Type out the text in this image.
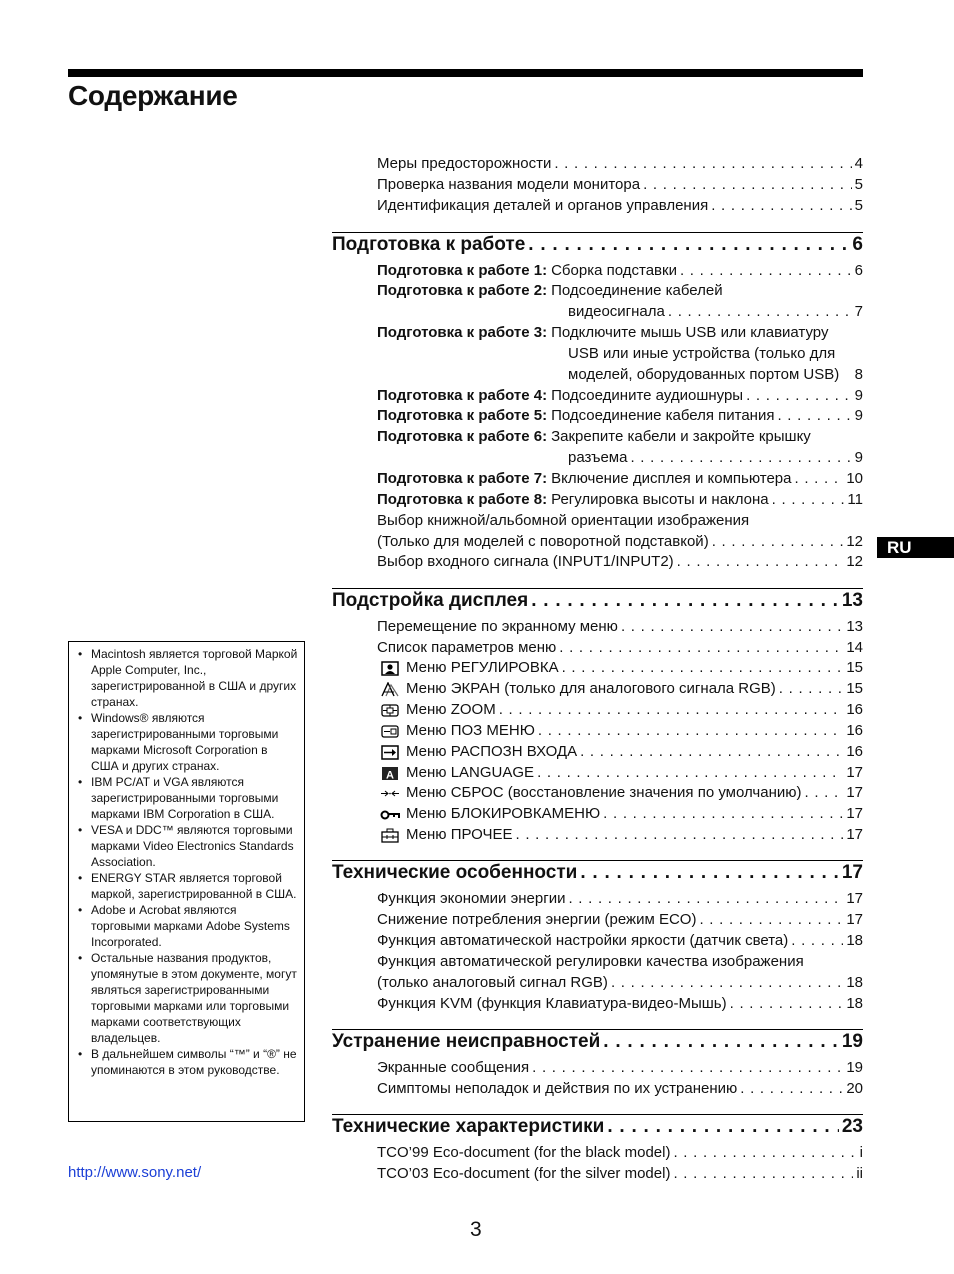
Содержание
RU
Меры предосторожности . . .	4
Проверка названия модели монитора . . .	5
Идентификация деталей и органов управления . . .	5
Подготовка к работе . . .	6
Подготовка к работе 1: Сборка подставки . . .	6
Подготовка к работе 2: Подсоединение кабелей
видеосигнала . . .	7
Подготовка к работе 3: Подключите мышь USB или клавиатуру
USB или иные устройства (только для
моделей, оборудованных портом USB) 8
Подготовка к работе 4: Подсоедините аудиошнуры . . .	9
Подготовка к работе 5: Подсоединение кабеля питания . . .	9
Подготовка к работе 6: Закрепите кабели и закройте крышку
разъема . . .	9
Подготовка к работе 7: Включение дисплея и компьютера . . .	10
Подготовка к работе 8: Регулировка высоты и наклона . . .	11
Выбор книжной/альбомной ориентации изображения
(Только для моделей с поворотной подставкой) . . .	12
Выбор входного сигнала (INPUT1/INPUT2) . . .	12
Подстройка дисплея . . .	13
Перемещение по экранному меню . . .	13
Список параметров меню . . .	14
Меню РЕГУЛИРОВКА . . .	15
Меню ЭКРАН (только для аналогового сигнала RGB) . . .	15
Меню ZOOM . . .	16
Меню ПОЗ МЕНЮ . . .	16
Меню РАСПОЗН ВХОДА . . .	16
A Меню LANGUAGE . . .	17
Меню СБРОС (восстановление значения по умолчанию) . . .	17
Меню БЛОКИРОВКАМЕНЮ . . .	17
Меню ПРОЧЕЕ . . .	17
Технические особенности . . .	17
Функция экономии энергии . . .	17
Снижение потребления энергии (режим ECO) . . .	17
Функция автоматической настройки яркости (датчик света) . . .	18
Функция автоматической регулировки качества изображения
(только аналоговый сигнал RGB) . . .	18
Функция KVM (функция Клавиатура-видео-Мышь) . . .	18
Устранение неисправностей . . .	19
Экранные сообщения . . .	19
Симптомы неполадок и действия по их устранению . . .	20
Технические характеристики . . .	23
TCO’99 Eco-document (for the black model) . . .	i
TCO’03 Eco-document (for the silver model) . . .	ii
• Macintosh является торговой Маркой Apple Computer, Inc., зарегистрированной в США и других странах.
• Windows® являются зарегистрированными торговыми марками Microsoft Corporation в США и других странах.
• IBM PC/AT и VGA являются зарегистрированными торговыми марками IBM Corporation в США.
• VESA и DDC™ являются торговыми марками Video Electronics Standards Association.
• ENERGY STAR является торговой маркой, зарегистрированной в США.
• Adobe и Acrobat являются торговыми марками Adobe Systems Incorporated.
• Остальные названия продуктов, упомянутые в этом документе, могут являться зарегистрированными торговыми марками или торговыми марками соответствующих владельцев.
• В дальнейшем символы “™” и “®” не упоминаются в этом руководстве.
http://www.sony.net/
3
